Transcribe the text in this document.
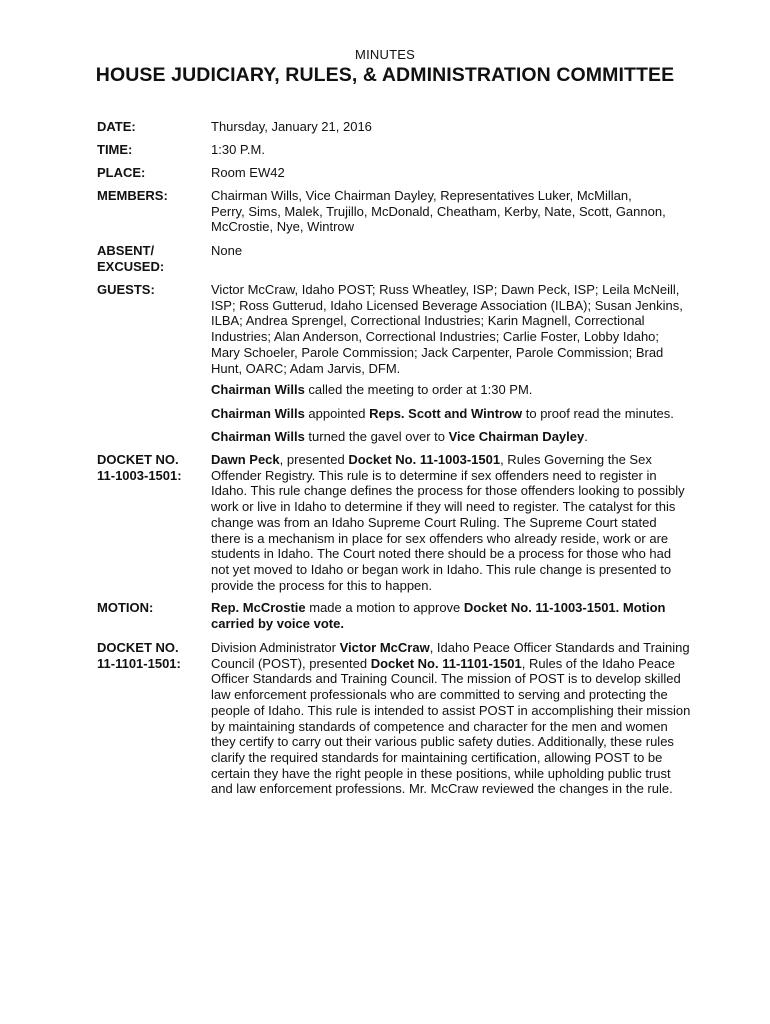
MINUTES
HOUSE JUDICIARY, RULES, & ADMINISTRATION COMMITTEE
DATE:	Thursday, January 21, 2016
TIME:	1:30 P.M.
PLACE:	Room EW42
MEMBERS:	Chairman Wills, Vice Chairman Dayley, Representatives Luker, McMillan,
Perry, Sims, Malek, Trujillo, McDonald, Cheatham, Kerby, Nate, Scott, Gannon,
McCrostie, Nye, Wintrow
ABSENT/
EXCUSED:
None
GUESTS:	Victor McCraw, Idaho POST; Russ Wheatley, ISP; Dawn Peck, ISP; Leila McNeill,
ISP; Ross Gutterud, Idaho Licensed Beverage Association (ILBA); Susan Jenkins,
ILBA; Andrea Sprengel, Correctional Industries; Karin Magnell, Correctional
Industries; Alan Anderson, Correctional Industries; Carlie Foster, Lobby Idaho;
Mary Schoeler, Parole Commission; Jack Carpenter, Parole Commission; Brad
Hunt, OARC; Adam Jarvis, DFM.
Chairman Wills called the meeting to order at 1:30 PM.
Chairman Wills appointed Reps. Scott and Wintrow to proof read the minutes.
Chairman Wills turned the gavel over to Vice Chairman Dayley.
DOCKET NO.
11-1003-1501:
Dawn Peck, presented Docket No. 11-1003-1501, Rules Governing the Sex
Offender Registry. This rule is to determine if sex offenders need to register in
Idaho. This rule change defines the process for those offenders looking to possibly
work or live in Idaho to determine if they will need to register. The catalyst for this
change was from an Idaho Supreme Court Ruling. The Supreme Court stated
there is a mechanism in place for sex offenders who already reside, work or are
students in Idaho. The Court noted there should be a process for those who had
not yet moved to Idaho or began work in Idaho. This rule change is presented to
provide the process for this to happen.
MOTION:	Rep. McCrostie made a motion to approve Docket No. 11-1003-1501. Motion
carried by voice vote.
DOCKET NO.
11-1101-1501:
Division Administrator Victor McCraw, Idaho Peace Officer Standards and Training
Council (POST), presented Docket No. 11-1101-1501, Rules of the Idaho Peace
Officer Standards and Training Council. The mission of POST is to develop skilled
law enforcement professionals who are committed to serving and protecting the
people of Idaho. This rule is intended to assist POST in accomplishing their mission
by maintaining standards of competence and character for the men and women
they certify to carry out their various public safety duties. Additionally, these rules
clarify the required standards for maintaining certification, allowing POST to be
certain they have the right people in these positions, while upholding public trust
and law enforcement professions. Mr. McCraw reviewed the changes in the rule.
